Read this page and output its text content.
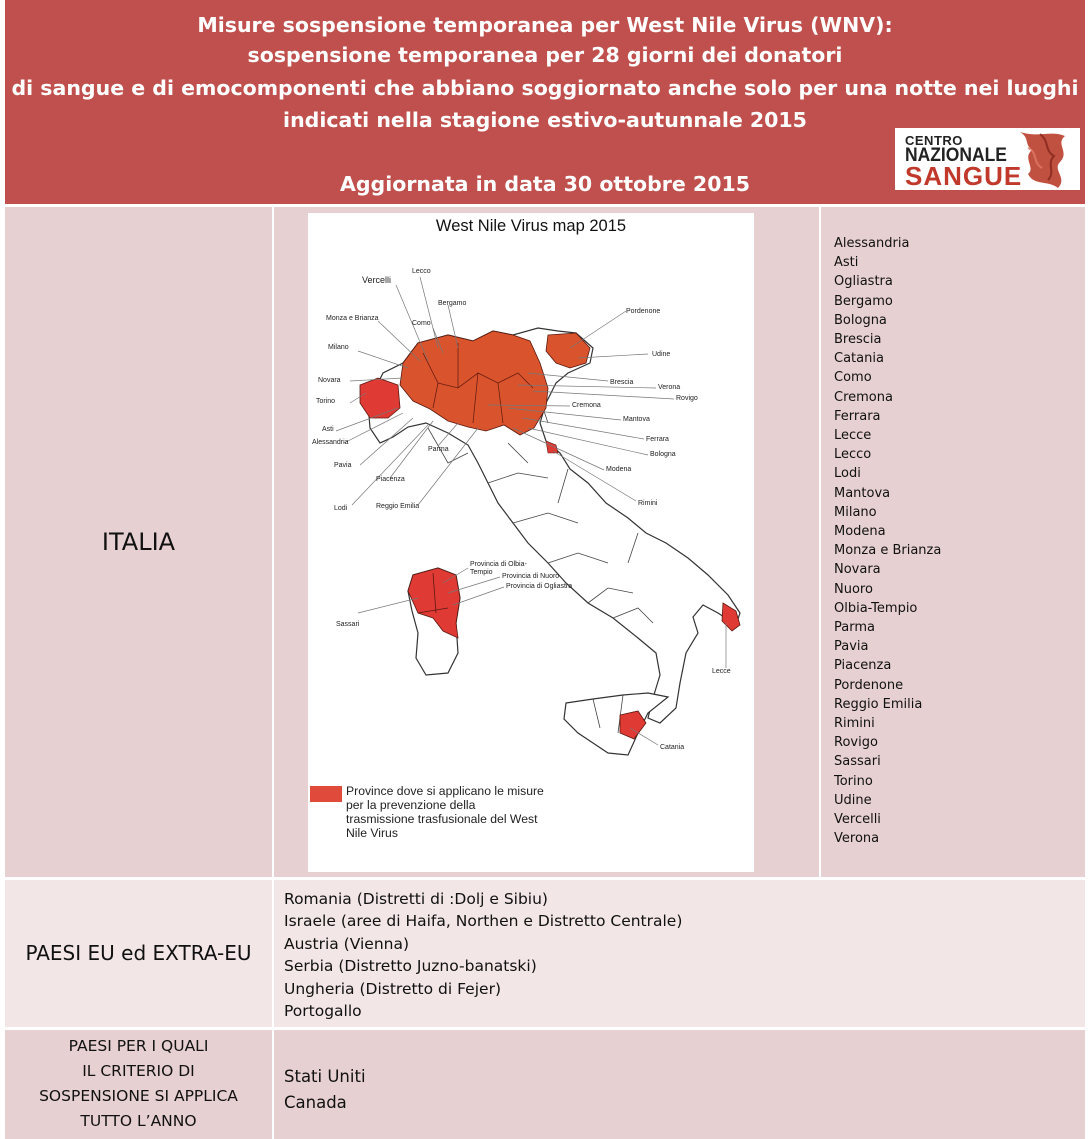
Misure sospensione temporanea per West Nile Virus (WNV):
sospensione temporanea per 28 giorni dei donatori
di sangue e di emocomponenti che abbiano soggiornato anche solo per una notte nei luoghi
indicati nella stagione estivo-autunnale 2015
Aggiornata in data 30 ottobre 2015
CENTRO
NAZIONALE
SANGUE
ITALIA
PAESI EU ed EXTRA-EU
PAESI PER I QUALI
IL CRITERIO DI
SOSPENSIONE SI APPLICA
TUTTO L’ANNO
Alessandria
Asti
Ogliastra
Bergamo
Bologna
Brescia
Catania
Como
Cremona
Ferrara
Lecce
Lecco
Lodi
Mantova
Milano
Modena
Monza e Brianza
Novara
Nuoro
Olbia-Tempio
Parma
Pavia
Piacenza
Pordenone
Reggio Emilia
Rimini
Rovigo
Sassari
Torino
Udine
Vercelli
Verona
Romania (Distretti di :Dolj e Sibiu)
Israele (aree di Haifa, Northen e Distretto Centrale)
Austria (Vienna)
Serbia (Distretto Juzno-banatski)
Ungheria (Distretto di Fejer)
Portogallo
Stati Uniti
Canada
West Nile Virus map 2015
Vercelli
Lecco
Bergamo
Monza e Brianza
Como
Milano
Novara
Torino
Asti
Alessandria
Pavia
Parma
Piacenza
Lodi	Reggio Emilia
Pordenone
Udine
Brescia
Verona
Rovigo
Cremona
Mantova
Ferrara
Bologna
Modena
Rimini
Provincia di Olbia-
Tempio
Provincia di Nuoro
Provincia di Ogliastra
Sassari
Lecce
Catania
Province dove si applicano le misure per la prevenzione della trasmissione trasfusionale del West Nile Virus
